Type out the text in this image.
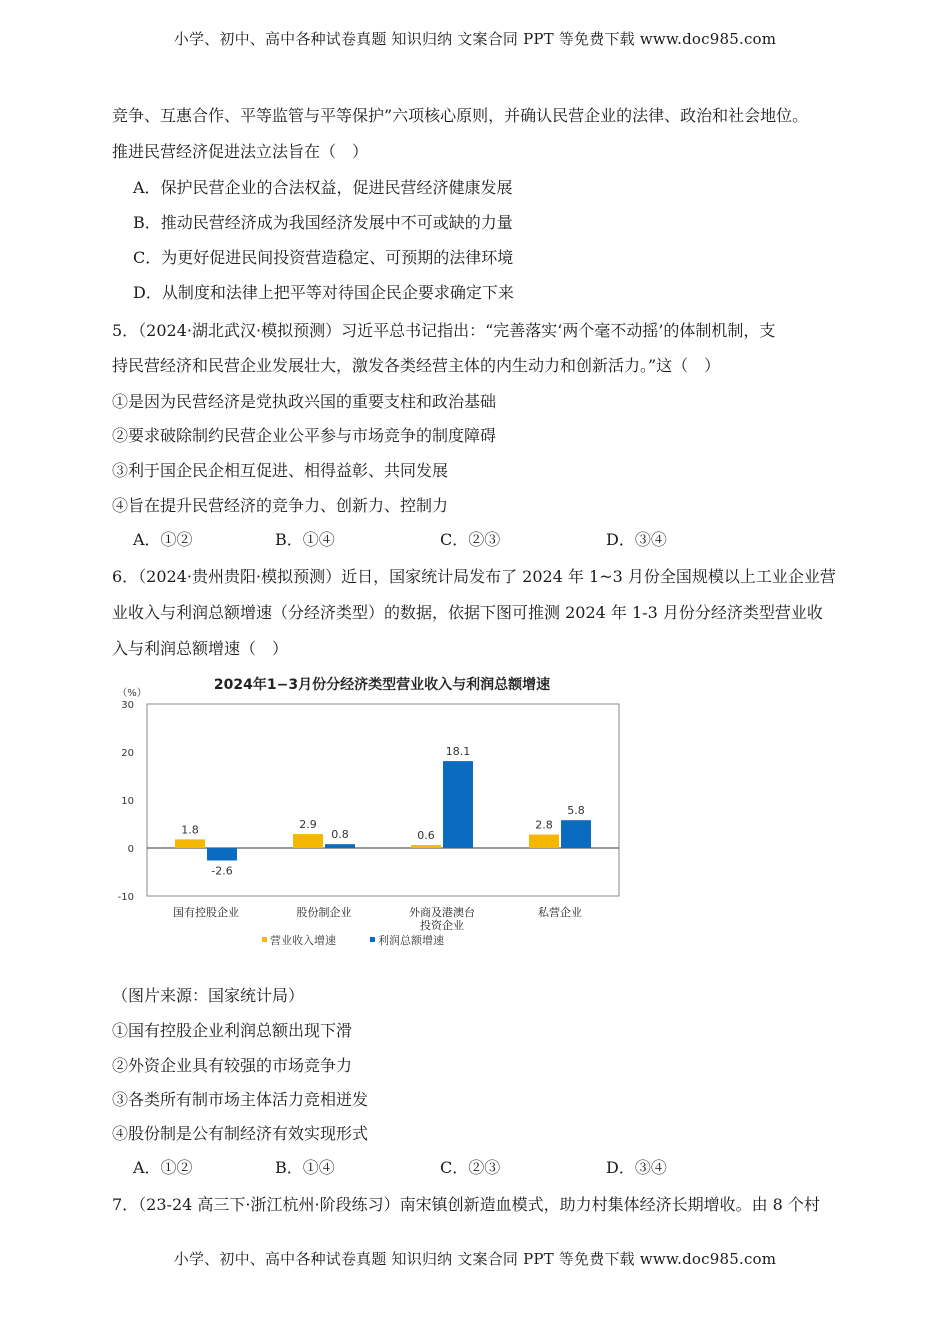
小学、初中、高中各种试卷真题 知识归纳 文案合同 PPT 等免费下载 www.doc985.com
竞争、互惠合作、平等监管与平等保护”六项核心原则，并确认民营企业的法律、政治和社会地位。
推进民营经济促进法立法旨在（　）
A．保护民营企业的合法权益，促进民营经济健康发展
B．推动民营经济成为我国经济发展中不可或缺的力量
C．为更好促进民间投资营造稳定、可预期的法律环境
D．从制度和法律上把平等对待国企民企要求确定下来
5．（2024·湖北武汉·模拟预测）习近平总书记指出：“完善落实‘两个毫不动摇’的体制机制，支
持民营经济和民营企业发展壮大，激发各类经营主体的内生动力和创新活力。”这（　）
①是因为民营经济是党执政兴国的重要支柱和政治基础
②要求破除制约民营企业公平参与市场竞争的制度障碍
③利于国企民企相互促进、相得益彰、共同发展
④旨在提升民营经济的竞争力、创新力、控制力
A．①②	B．①④	C．②③	D．③④
6．（2024·贵州贵阳·模拟预测）近日，国家统计局发布了 2024 年 1~3 月份全国规模以上工业企业营
业收入与利润总额增速（分经济类型）的数据，依据下图可推测 2024 年 1-3 月份分经济类型营业收
入与利润总额增速（　）
2024年1−3月份分经济类型营业收入与利润总额增速
（%）
-10
0
10
20
30
1.8
-2.6
2.9
0.8	0.6
18.1
2.8
5.8
国有控股企业	股份制企业	外商及港澳台
投资企业
私营企业
营业收入增速	利润总额增速
（图片来源：国家统计局）
①国有控股企业利润总额出现下滑
②外资企业具有较强的市场竞争力
③各类所有制市场主体活力竞相迸发
④股份制是公有制经济有效实现形式
A．①②	B．①④	C．②③	D．③④
7．（23-24 高三下·浙江杭州·阶段练习）南宋镇创新造血模式，助力村集体经济长期增收。由 8 个村
小学、初中、高中各种试卷真题 知识归纳 文案合同 PPT 等免费下载 www.doc985.com
